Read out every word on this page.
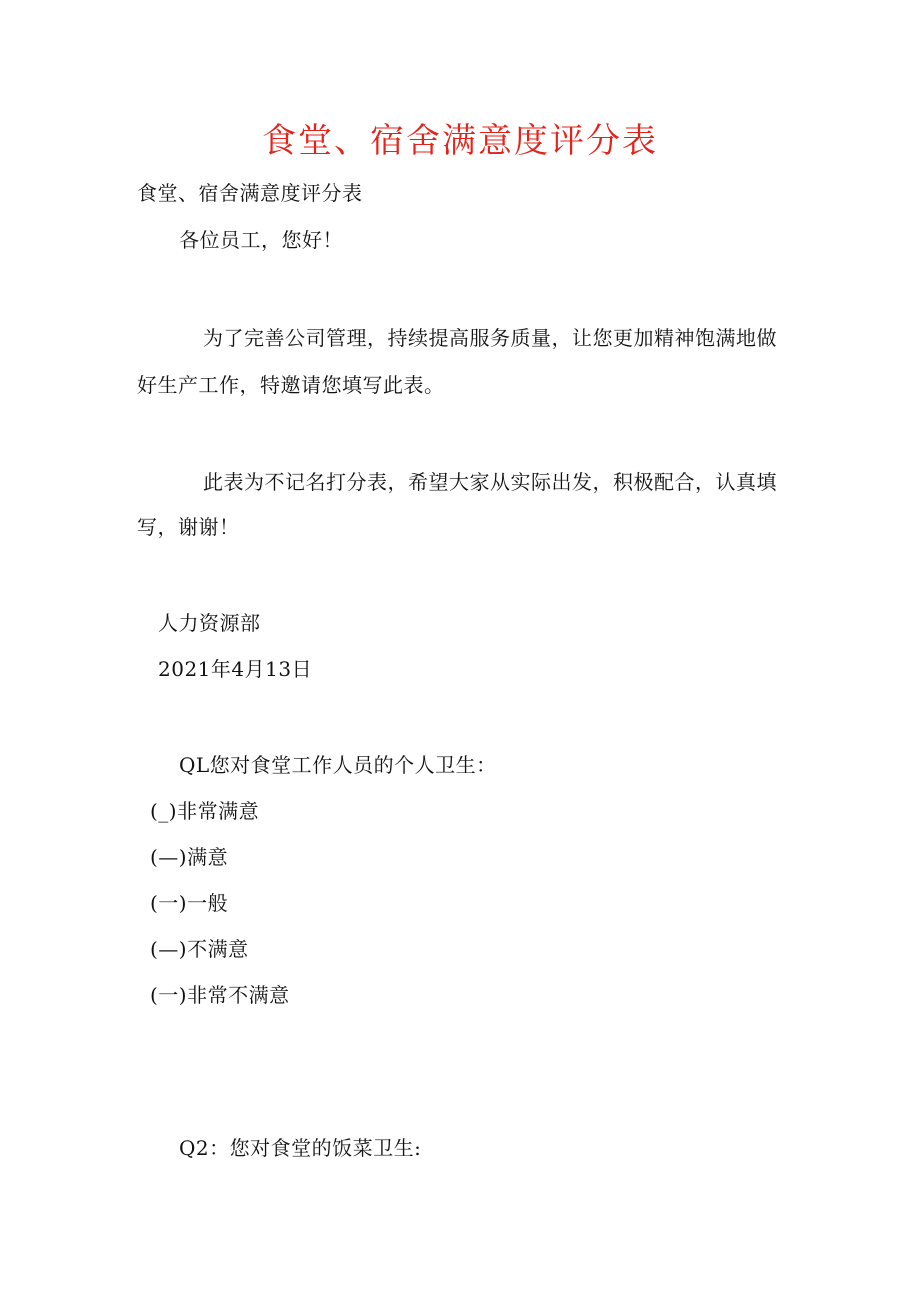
食堂、宿舍满意度评分表
食堂、宿舍满意度评分表
各位员工，您好！
为了完善公司管理，持续提高服务质量，让您更加精神饱满地做
好生产工作，特邀请您填写此表。
此表为不记名打分表，希望大家从实际出发，积极配合，认真填
写，谢谢！
人力资源部
2021年4月13日
QL您对食堂工作人员的个人卫生：
(_)非常满意
(—)满意
(一)一般
(—)不满意
(一)非常不满意
Q2：您对食堂的饭菜卫生:
